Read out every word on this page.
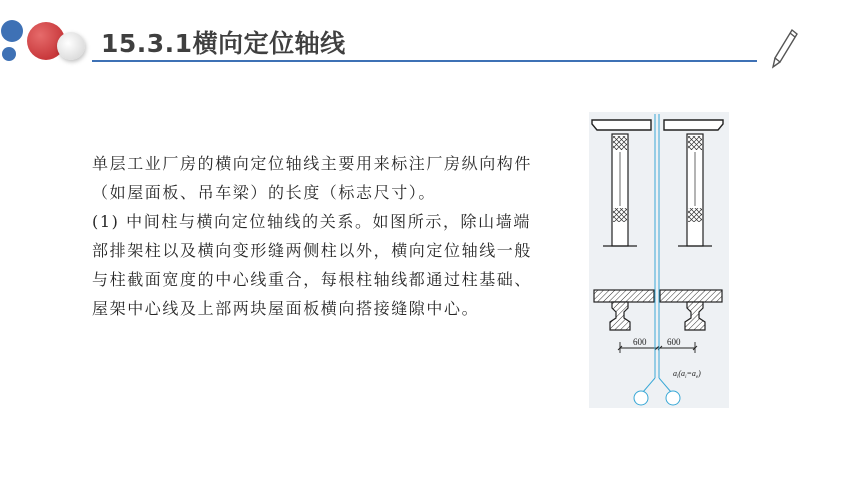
15.3.1横向定位轴线

单层工业厂房的横向定位轴线主要用来标注厂房纵向构件（如屋面板、吊车梁）的长度（标志尺寸）。

(1) 中间柱与横向定位轴线的关系。如图所示，除山墙端部排架柱以及横向变形缝两侧柱以外，横向定位轴线一般与柱截面宽度的中心线重合，每根柱轴线都通过柱基础、屋架中心线及上部两块屋面板横向搭接缝隙中心。

600 600
$a_i(a_i=a_e)$
